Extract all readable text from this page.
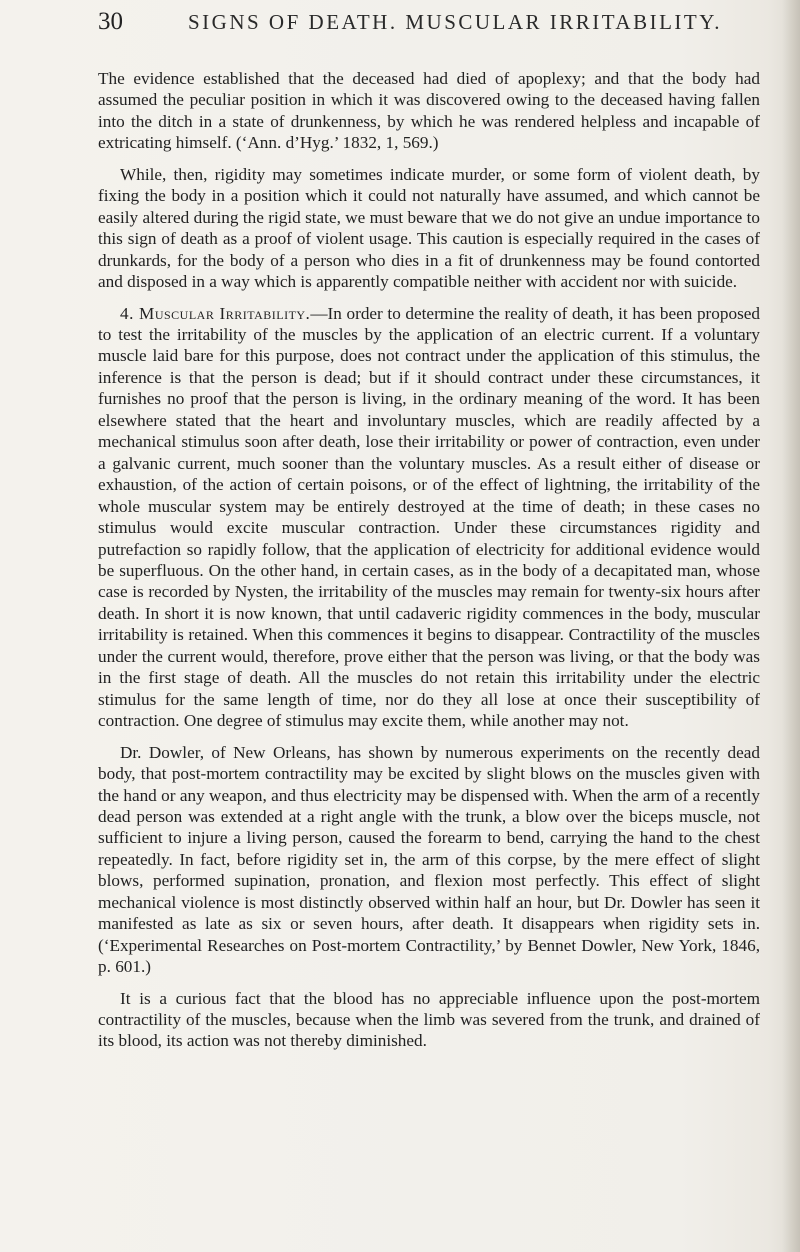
30	SIGNS OF DEATH. MUSCULAR IRRITABILITY.

The evidence established that the deceased had died of apoplexy; and that the body had assumed the peculiar position in which it was discovered owing to the deceased having fallen into the ditch in a state of drunkenness, by which he was rendered helpless and incapable of extricating himself. (‘Ann. d’Hyg.’ 1832, 1, 569.)

While, then, rigidity may sometimes indicate murder, or some form of violent death, by fixing the body in a position which it could not naturally have assumed, and which cannot be easily altered during the rigid state, we must beware that we do not give an undue importance to this sign of death as a proof of violent usage. This caution is especially required in the cases of drunkards, for the body of a person who dies in a fit of drunkenness may be found contorted and disposed in a way which is apparently compatible neither with accident nor with suicide.

4. Muscular Irritability.—In order to determine the reality of death, it has been proposed to test the irritability of the muscles by the application of an electric current. If a voluntary muscle laid bare for this purpose, does not contract under the application of this stimulus, the inference is that the person is dead; but if it should contract under these circumstances, it furnishes no proof that the person is living, in the ordinary meaning of the word. It has been elsewhere stated that the heart and involuntary muscles, which are readily affected by a mechanical stimulus soon after death, lose their irritability or power of contraction, even under a galvanic current, much sooner than the voluntary muscles. As a result either of disease or exhaustion, of the action of certain poisons, or of the effect of lightning, the irritability of the whole muscular system may be entirely destroyed at the time of death; in these cases no stimulus would excite muscular contraction. Under these circumstances rigidity and putrefaction so rapidly follow, that the application of electricity for additional evidence would be superfluous. On the other hand, in certain cases, as in the body of a decapitated man, whose case is recorded by Nysten, the irritability of the muscles may remain for twenty-six hours after death. In short it is now known, that until cadaveric rigidity commences in the body, muscular irritability is retained. When this commences it begins to disappear. Contractility of the muscles under the current would, therefore, prove either that the person was living, or that the body was in the first stage of death. All the muscles do not retain this irritability under the electric stimulus for the same length of time, nor do they all lose at once their susceptibility of contraction. One degree of stimulus may excite them, while another may not.

Dr. Dowler, of New Orleans, has shown by numerous experiments on the recently dead body, that post-mortem contractility may be excited by slight blows on the muscles given with the hand or any weapon, and thus electricity may be dispensed with. When the arm of a recently dead person was extended at a right angle with the trunk, a blow over the biceps muscle, not sufficient to injure a living person, caused the forearm to bend, carrying the hand to the chest repeatedly. In fact, before rigidity set in, the arm of this corpse, by the mere effect of slight blows, performed supination, pronation, and flexion most perfectly. This effect of slight mechanical violence is most distinctly observed within half an hour, but Dr. Dowler has seen it manifested as late as six or seven hours, after death. It disappears when rigidity sets in. (‘Experimental Researches on Post-mortem Contractility,’ by Bennet Dowler, New York, 1846, p. 601.)

It is a curious fact that the blood has no appreciable influence upon the post-mortem contractility of the muscles, because when the limb was severed from the trunk, and drained of its blood, its action was not thereby diminished.
